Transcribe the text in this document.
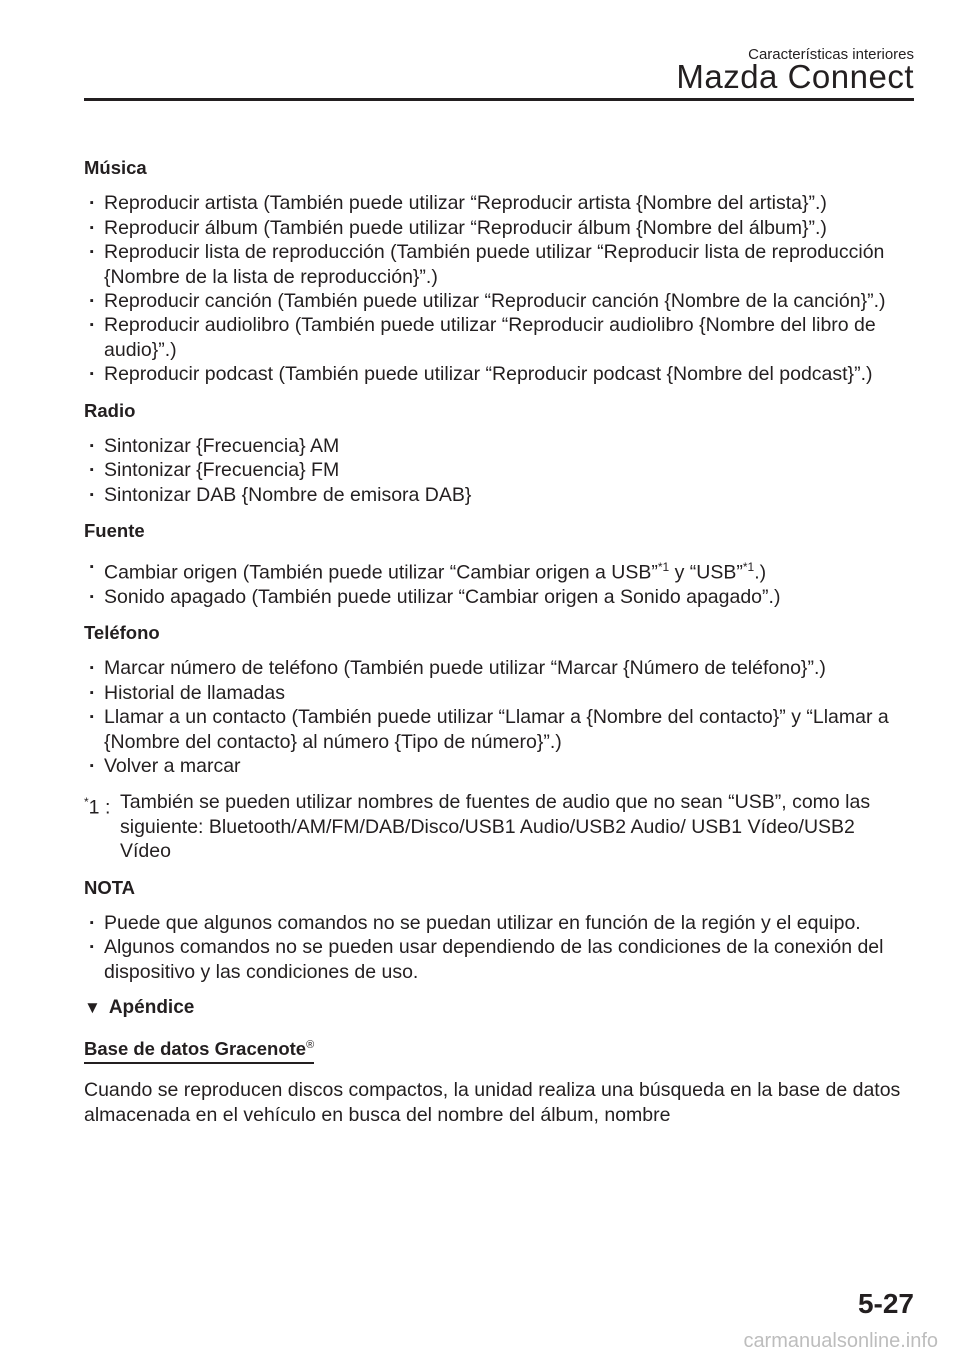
Características interiores
Mazda Connect
Música
· Reproducir artista (También puede utilizar “Reproducir artista {Nombre del artista}”.)
· Reproducir álbum (También puede utilizar “Reproducir álbum {Nombre del álbum}”.)
· Reproducir lista de reproducción (También puede utilizar “Reproducir lista de reproducción {Nombre de la lista de reproducción}”.)
· Reproducir canción (También puede utilizar “Reproducir canción {Nombre de la canción}”.)
· Reproducir audiolibro (También puede utilizar “Reproducir audiolibro {Nombre del libro de audio}”.)
· Reproducir podcast (También puede utilizar “Reproducir podcast {Nombre del podcast}”.)
Radio
· Sintonizar {Frecuencia} AM
· Sintonizar {Frecuencia} FM
· Sintonizar DAB {Nombre de emisora DAB}
Fuente
· Cambiar origen (También puede utilizar “Cambiar origen a USB”$^{*1}$ y “USB”$^{*1}$.)
· Sonido apagado (También puede utilizar “Cambiar origen a Sonido apagado”.)
Teléfono
· Marcar número de teléfono (También puede utilizar “Marcar {Número de teléfono}”.)
· Historial de llamadas
· Llamar a un contacto (También puede utilizar “Llamar a {Nombre del contacto}” y “Llamar a {Nombre del contacto} al número {Tipo de número}”.)
· Volver a marcar
*1 : También se pueden utilizar nombres de fuentes de audio que no sean “USB”, como las siguiente: Bluetooth/AM/FM/DAB/Disco/USB1 Audio/USB2 Audio/ USB1 Vídeo/USB2 Vídeo
NOTA
· Puede que algunos comandos no se puedan utilizar en función de la región y el equipo.
· Algunos comandos no se pueden usar dependiendo de las condiciones de la conexión del dispositivo y las condiciones de uso.
▼ Apéndice
Base de datos Gracenote®

Cuando se reproducen discos compactos, la unidad realiza una búsqueda en la base de datos almacenada en el vehículo en busca del nombre del álbum, nombre

5-27
carmanualsonline.info
